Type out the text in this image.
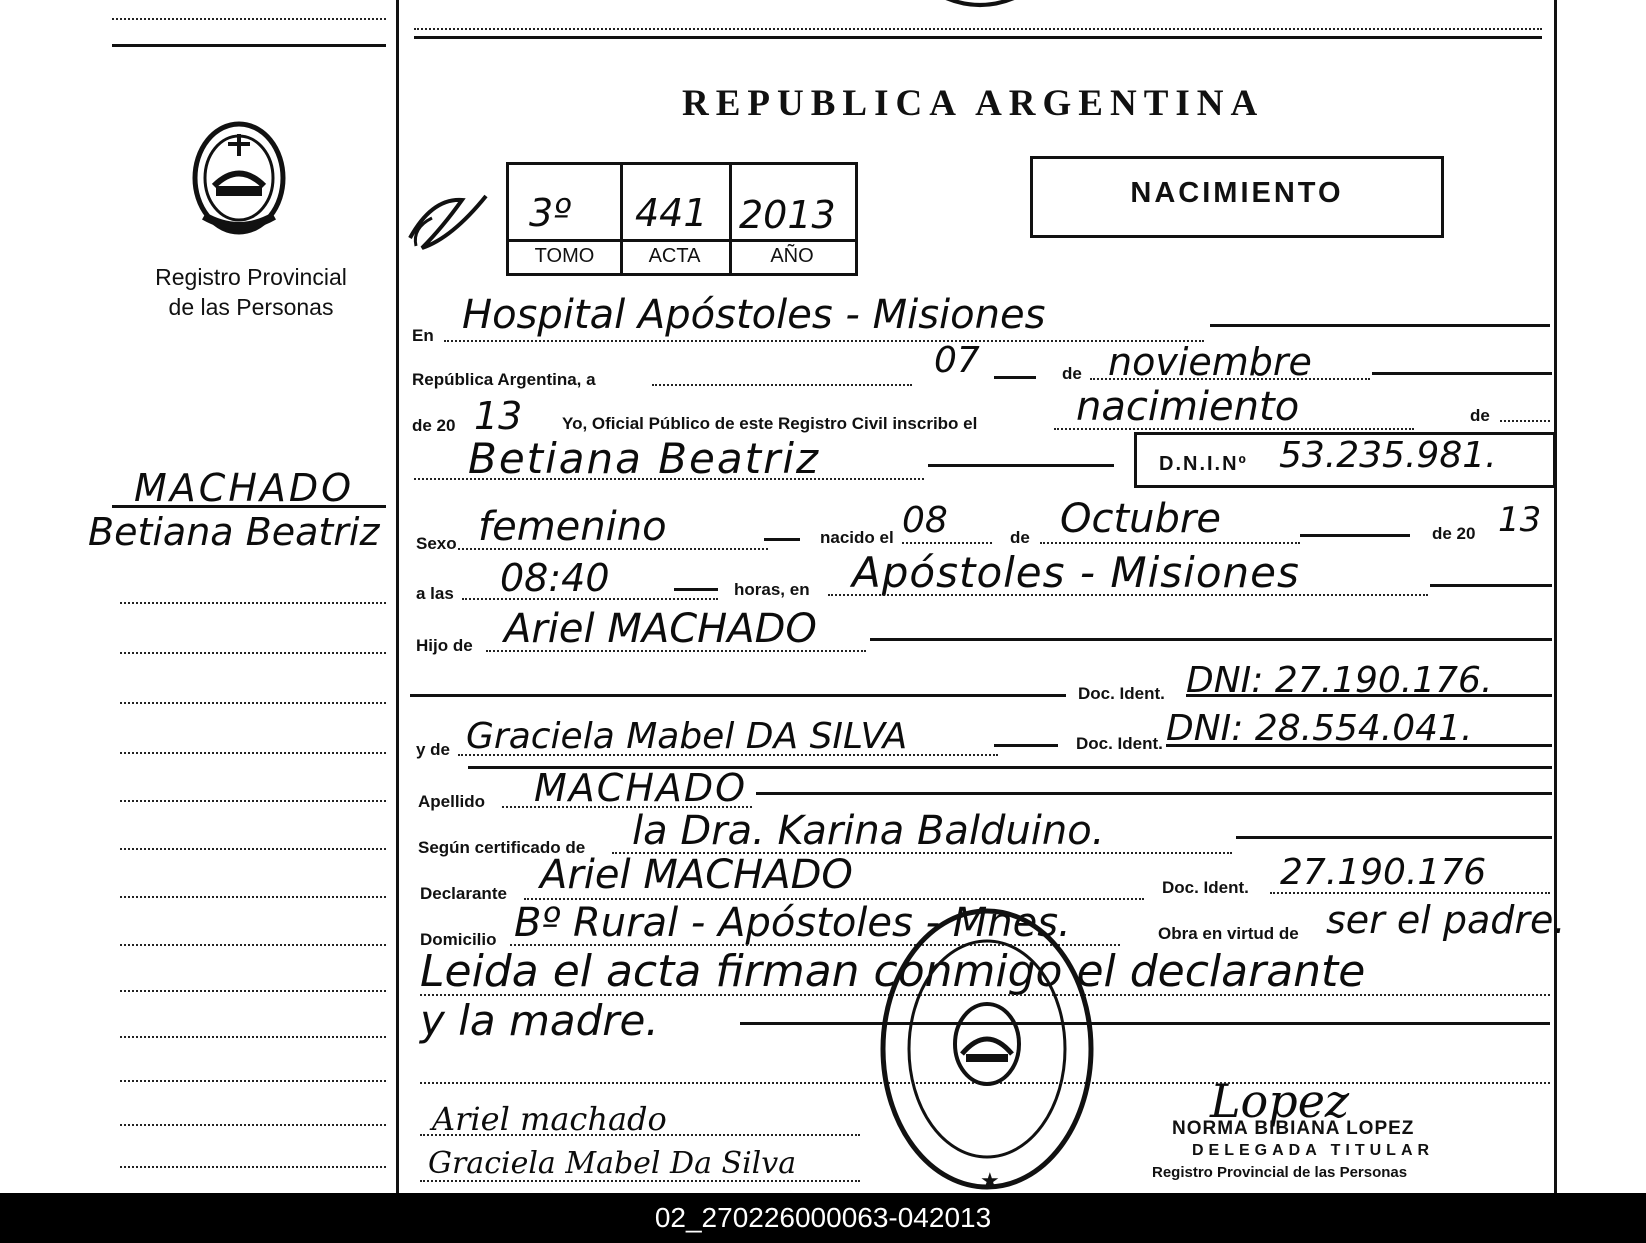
Registro Provincial
de las Personas
MACHADO
Betiana Beatriz
REPUBLICA ARGENTINA
3º 441 2013
TOMO	ACTA	AÑO
NACIMIENTO
En Hospital Apóstoles - Misiones
República Argentina, a	07	de noviembre
de 20 13 Yo, Oficial Público de este Registro Civil inscribo el nacimiento	de
Betiana Beatriz	D.N.I.Nº 53.235.981.
Sexo femenino	nacido el 08	de Octubre	de 20 13
a las 08:40	horas, en Apóstoles - Misiones
Hijo de Ariel MACHADO
Doc. Ident. DNI: 27.190.176.
y de Graciela Mabel DA SILVA	Doc. Ident. DNI: 28.554.041.
Apellido MACHADO
Según certificado de la Dra. Karina Balduino.
Declarante Ariel MACHADO	Doc. Ident. 27.190.176
Domicilio Bº Rural - Apóstoles - Mnes.	Obra en virtud de ser el padre.
Leida el acta firman conmigo el declarante
y la madre.
★
Ariel machado
Graciela Mabel Da Silva
Lopez
NORMA BIBIANA LOPEZ
DELEGADA TITULAR
Registro Provincial de las Personas
02_270226000063-042013
